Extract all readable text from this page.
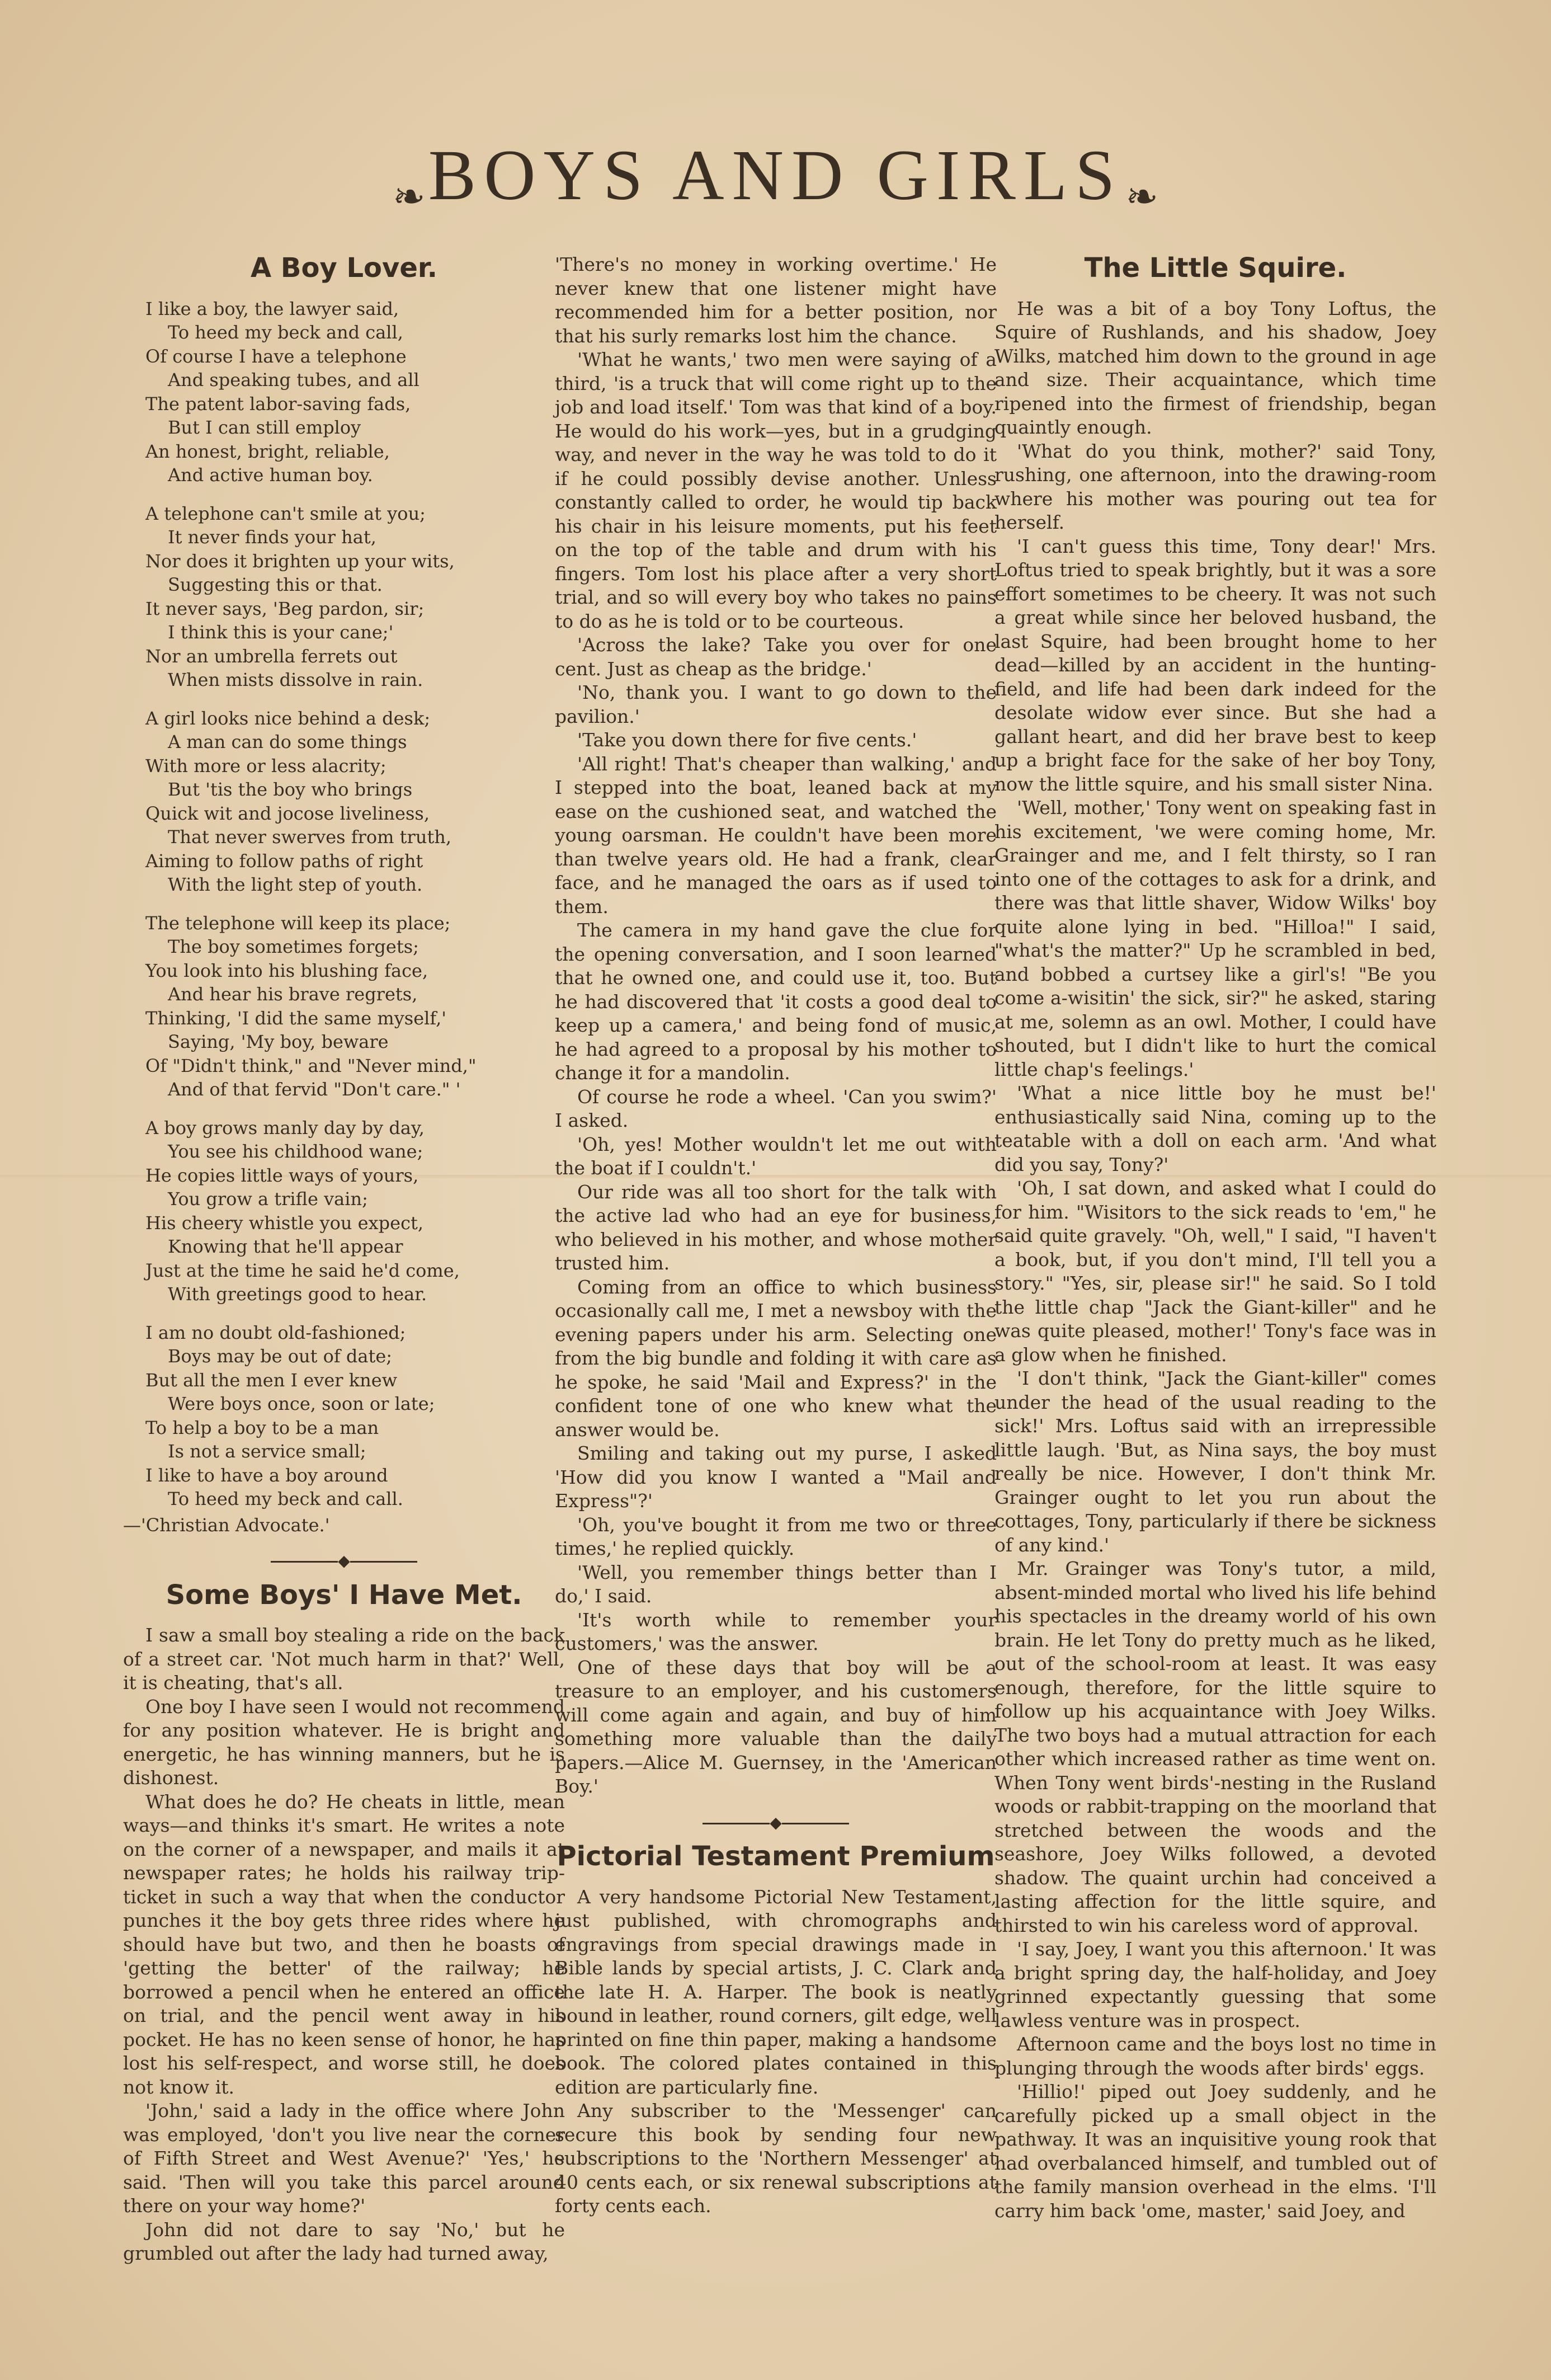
❧ BOYS AND GIRLS ❧
A Boy Lover.
I like a boy, the lawyer said,
To heed my beck and call,
Of course I have a telephone
And speaking tubes, and all
The patent labor-saving fads,
But I can still employ
An honest, bright, reliable,
And active human boy.
A telephone can't smile at you;
It never finds your hat,
Nor does it brighten up your wits,
Suggesting this or that.
It never says, 'Beg pardon, sir;
I think this is your cane;'
Nor an umbrella ferrets out
When mists dissolve in rain.
A girl looks nice behind a desk;
A man can do some things
With more or less alacrity;
But 'tis the boy who brings
Quick wit and jocose liveliness,
That never swerves from truth,
Aiming to follow paths of right
With the light step of youth.
The telephone will keep its place;
The boy sometimes forgets;
You look into his blushing face,
And hear his brave regrets,
Thinking, 'I did the same myself,'
Saying, 'My boy, beware
Of "Didn't think," and "Never mind,"
And of that fervid "Don't care." '
A boy grows manly day by day,
You see his childhood wane;
He copies little ways of yours,
You grow a trifle vain;
His cheery whistle you expect,
Knowing that he'll appear
Just at the time he said he'd come,
With greetings good to hear.
I am no doubt old-fashioned;
Boys may be out of date;
But all the men I ever knew
Were boys once, soon or late;
To help a boy to be a man
Is not a service small;
I like to have a boy around
To heed my beck and call.

—'Christian Advocate.'

◆
Some Boys' I Have Met.

I saw a small boy stealing a ride on the back of a street car. 'Not much harm in that?' Well, it is cheating, that's all.

One boy I have seen I would not recommend for any position whatever. He is bright and energetic, he has winning manners, but he is dishonest.

What does he do? He cheats in little, mean ways—and thinks it's smart. He writes a note on the corner of a newspaper, and mails it at newspaper rates; he holds his railway trip-ticket in such a way that when the conductor punches it the boy gets three rides where he should have but two, and then he boasts of 'getting the better' of the railway; he borrowed a pencil when he entered an office on trial, and the pencil went away in his pocket. He has no keen sense of honor, he has lost his self-respect, and worse still, he does not know it.

'John,' said a lady in the office where John was employed, 'don't you live near the corner of Fifth Street and West Avenue?' 'Yes,' he said. 'Then will you take this parcel around there on your way home?'

John did not dare to say 'No,' but he grumbled out after the lady had turned away,

'There's no money in working overtime.' He never knew that one listener might have recommended him for a better position, nor that his surly remarks lost him the chance.

'What he wants,' two men were saying of a third, 'is a truck that will come right up to the job and load itself.' Tom was that kind of a boy. He would do his work—yes, but in a grudging way, and never in the way he was told to do it if he could possibly devise another. Unless constantly called to order, he would tip back his chair in his leisure moments, put his feet on the top of the table and drum with his fingers. Tom lost his place after a very short trial, and so will every boy who takes no pains to do as he is told or to be courteous.

'Across the lake? Take you over for one cent. Just as cheap as the bridge.'

'No, thank you. I want to go down to the pavilion.'

'Take you down there for five cents.'

'All right! That's cheaper than walking,' and I stepped into the boat, leaned back at my ease on the cushioned seat, and watched the young oarsman. He couldn't have been more than twelve years old. He had a frank, clear face, and he managed the oars as if used to them.

The camera in my hand gave the clue for the opening conversation, and I soon learned that he owned one, and could use it, too. But he had discovered that 'it costs a good deal to keep up a camera,' and being fond of music, he had agreed to a proposal by his mother to change it for a mandolin.

Of course he rode a wheel. 'Can you swim?' I asked.

'Oh, yes! Mother wouldn't let me out with the boat if I couldn't.'

Our ride was all too short for the talk with the active lad who had an eye for business, who believed in his mother, and whose mother trusted him.

Coming from an office to which business occasionally call me, I met a newsboy with the evening papers under his arm. Selecting one from the big bundle and folding it with care as he spoke, he said 'Mail and Express?' in the confident tone of one who knew what the answer would be.

Smiling and taking out my purse, I asked 'How did you know I wanted a "Mail and Express"?'

'Oh, you've bought it from me two or three times,' he replied quickly.

'Well, you remember things better than I do,' I said.

'It's worth while to remember your customers,' was the answer.

One of these days that boy will be a treasure to an employer, and his customers will come again and again, and buy of him something more valuable than the daily papers.—Alice M. Guernsey, in the 'American Boy.'

◆
Pictorial Testament Premium

A very handsome Pictorial New Testament, just published, with chromographs and engravings from special drawings made in Bible lands by special artists, J. C. Clark and the late H. A. Harper. The book is neatly bound in leather, round corners, gilt edge, well printed on fine thin paper, making a handsome book. The colored plates contained in this edition are particularly fine.

Any subscriber to the 'Messenger' can secure this book by sending four new subscriptions to the 'Northern Messenger' at 40 cents each, or six renewal subscriptions at forty cents each.

The Little Squire.

He was a bit of a boy Tony Loftus, the Squire of Rushlands, and his shadow, Joey Wilks, matched him down to the ground in age and size. Their acquaintance, which time ripened into the firmest of friendship, began quaintly enough.

'What do you think, mother?' said Tony, rushing, one afternoon, into the drawing-room where his mother was pouring out tea for herself.

'I can't guess this time, Tony dear!' Mrs. Loftus tried to speak brightly, but it was a sore effort sometimes to be cheery. It was not such a great while since her beloved husband, the last Squire, had been brought home to her dead—killed by an accident in the hunting-field, and life had been dark indeed for the desolate widow ever since. But she had a gallant heart, and did her brave best to keep up a bright face for the sake of her boy Tony, now the little squire, and his small sister Nina.

'Well, mother,' Tony went on speaking fast in his excitement, 'we were coming home, Mr. Grainger and me, and I felt thirsty, so I ran into one of the cottages to ask for a drink, and there was that little shaver, Widow Wilks' boy quite alone lying in bed. "Hilloa!" I said, "what's the matter?" Up he scrambled in bed, and bobbed a curtsey like a girl's! "Be you come a-wisitin' the sick, sir?" he asked, staring at me, solemn as an owl. Mother, I could have shouted, but I didn't like to hurt the comical little chap's feelings.'

'What a nice little boy he must be!' enthusiastically said Nina, coming up to the teatable with a doll on each arm. 'And what did you say, Tony?'

'Oh, I sat down, and asked what I could do for him. "Wisitors to the sick reads to 'em," he said quite gravely. "Oh, well," I said, "I haven't a book, but, if you don't mind, I'll tell you a story." "Yes, sir, please sir!" he said. So I told the little chap "Jack the Giant-killer" and he was quite pleased, mother!' Tony's face was in a glow when he finished.

'I don't think, "Jack the Giant-killer" comes under the head of the usual reading to the sick!' Mrs. Loftus said with an irrepressible little laugh. 'But, as Nina says, the boy must really be nice. However, I don't think Mr. Grainger ought to let you run about the cottages, Tony, particularly if there be sickness of any kind.'

Mr. Grainger was Tony's tutor, a mild, absent-minded mortal who lived his life behind his spectacles in the dreamy world of his own brain. He let Tony do pretty much as he liked, out of the school-room at least. It was easy enough, therefore, for the little squire to follow up his acquaintance with Joey Wilks. The two boys had a mutual attraction for each other which increased rather as time went on. When Tony went birds'-nesting in the Rusland woods or rabbit-trapping on the moorland that stretched between the woods and the seashore, Joey Wilks followed, a devoted shadow. The quaint urchin had conceived a lasting affection for the little squire, and thirsted to win his careless word of approval.

'I say, Joey, I want you this afternoon.' It was a bright spring day, the half-holiday, and Joey grinned expectantly guessing that some lawless venture was in prospect.

Afternoon came and the boys lost no time in plunging through the woods after birds' eggs.

'Hillio!' piped out Joey suddenly, and he carefully picked up a small object in the pathway. It was an inquisitive young rook that had overbalanced himself, and tumbled out of the family mansion overhead in the elms. 'I'll carry him back 'ome, master,' said Joey, and
